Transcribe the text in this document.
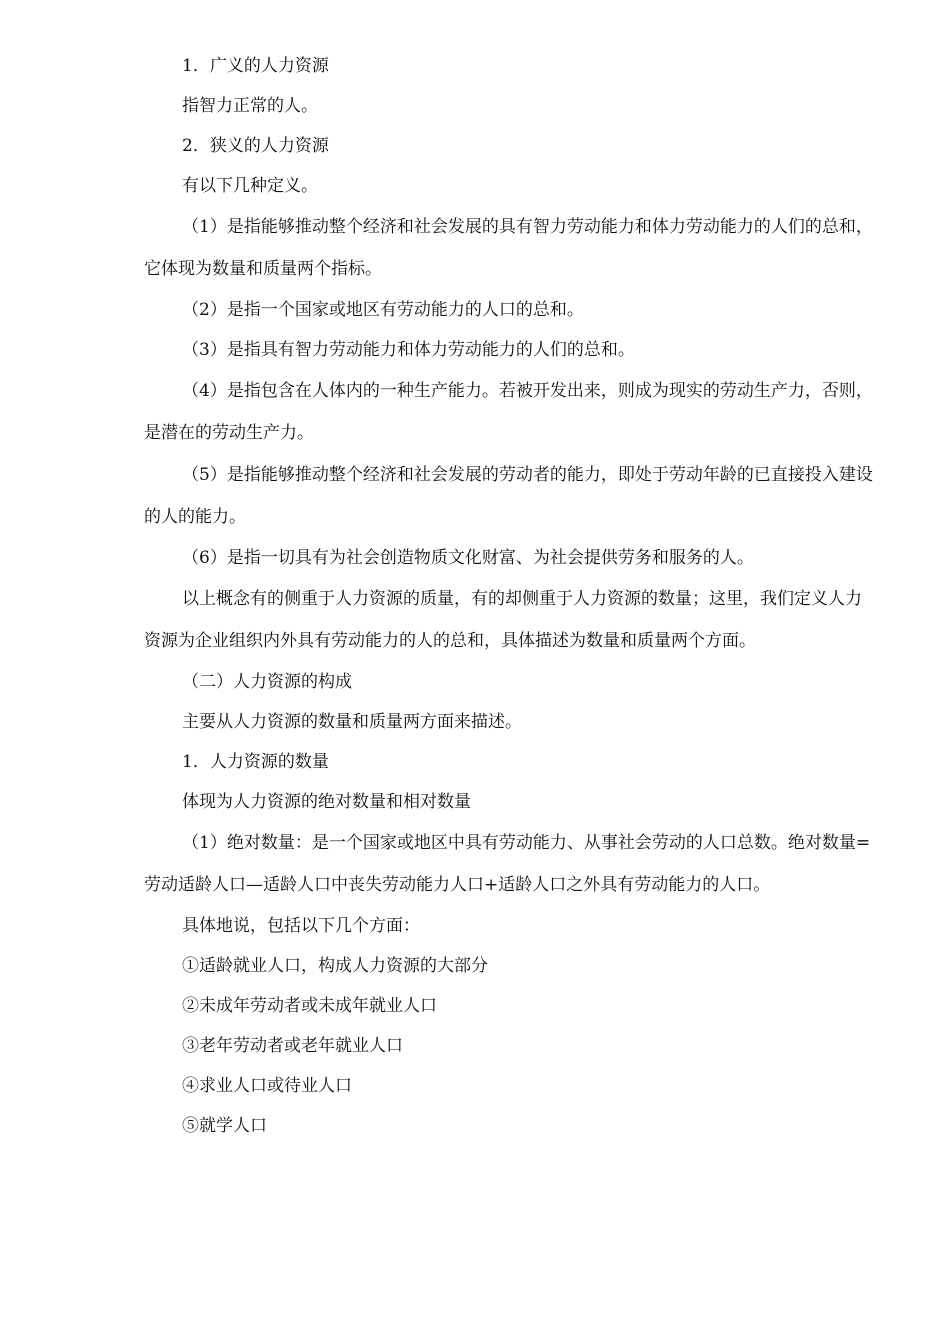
1．广义的人力资源

指智力正常的人。

2．狭义的人力资源

有以下几种定义。

（1）是指能够推动整个经济和社会发展的具有智力劳动能力和体力劳动能力的人们的总和，它体现为数量和质量两个指标。

（2）是指一个国家或地区有劳动能力的人口的总和。

（3）是指具有智力劳动能力和体力劳动能力的人们的总和。

（4）是指包含在人体内的一种生产能力。若被开发出来，则成为现实的劳动生产力，否则，是潜在的劳动生产力。

（5）是指能够推动整个经济和社会发展的劳动者的能力，即处于劳动年龄的已直接投入建设的人的能力。

（6）是指一切具有为社会创造物质文化财富、为社会提供劳务和服务的人。

以上概念有的侧重于人力资源的质量，有的却侧重于人力资源的数量；这里，我们定义人力资源为企业组织内外具有劳动能力的人的总和，具体描述为数量和质量两个方面。

（二）人力资源的构成

主要从人力资源的数量和质量两方面来描述。

1．人力资源的数量

体现为人力资源的绝对数量和相对数量

（1）绝对数量：是一个国家或地区中具有劳动能力、从事社会劳动的人口总数。绝对数量=劳动适龄人口—适龄人口中丧失劳动能力人口+适龄人口之外具有劳动能力的人口。

具体地说，包括以下几个方面：

①适龄就业人口，构成人力资源的大部分

②未成年劳动者或未成年就业人口

③老年劳动者或老年就业人口

④求业人口或待业人口

⑤就学人口
